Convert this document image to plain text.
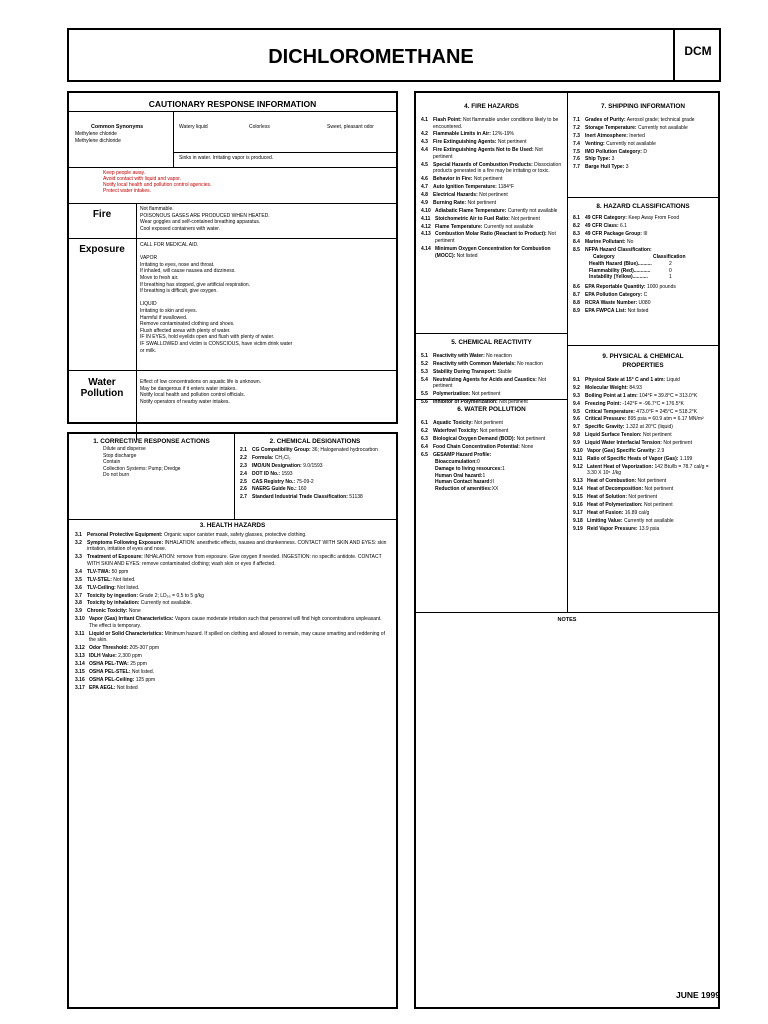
DICHLOROMETHANE	DCM
CAUTIONARY RESPONSE INFORMATION
Common Synonyms
Methylene chloride
Methylene dichloride
Watery liquid	Colorless	Sweet, pleasant odor
Sinks in water. Irritating vapor is produced.
Keep people away.
Avoid contact with liquid and vapor.
Notify local health and pollution control agencies.
Protect water intakes.
Fire	Not flammable.
POISONOUS GASES ARE PRODUCED WHEN HEATED.
Wear goggles and self-contained breathing apparatus.
Cool exposed containers with water.
Exposure	CALL FOR MEDICAL AID.
VAPOR
Irritating to eyes, nose and throat.
If inhaled, will cause nausea and dizziness.
Move to fresh air.
If breathing has stopped, give artificial respiration.
If breathing is difficult, give oxygen.
LIQUID
Irritating to skin and eyes.
Harmful if swallowed.
Remove contaminated clothing and shoes.
Flush affected areas with plenty of water.
IF IN EYES, hold eyelids open and flush with plenty of water.
IF SWALLOWED and victim is CONSCIOUS, have victim drink water
or milk.
Water Pollution
Effect of low concentrations on aquatic life is unknown.
May be dangerous if it enters water intakes.
Notify local health and pollution control officials.
Notify operators of nearby water intakes.
1. CORRECTIVE RESPONSE ACTIONS
Dilute and disperse
Stop discharge
Contain
Collection Systems: Pump; Dredge
Do not burn
2. CHEMICAL DESIGNATIONS
2.1	CG Compatibility Group: 36; Halogenated hydrocarbon
2.2	Formula: CH₂Cl₂
2.3	IMO/UN Designation: 9.0/1593
2.4	DOT ID No.: 1593
2.5	CAS Registry No.: 75-09-2
2.6	NAERG Guide No.: 160
2.7	Standard Industrial Trade Classification: 51138
3. HEALTH HAZARDS
3.1	Personal Protective Equipment: Organic vapor canister mask, safety glasses, protective clothing.
3.2	Symptoms Following Exposure: INHALATION: anesthetic effects, nausea and drunkenness. CONTACT WITH SKIN AND EYES: skin irritation, irritation of eyes and nose.
3.3	Treatment of Exposure: INHALATION: remove from exposure. Give oxygen if needed. INGESTION: no specific antidote. CONTACT WITH SKIN AND EYES: remove contaminated clothing; wash skin or eyes if affected.
3.4	TLV-TWA: 50 ppm
3.5	TLV-STEL: Not listed.
3.6	TLV-Ceiling: Not listed.
3.7	Toxicity by ingestion: Grade 2; LD₅₀ = 0.5 to 5 g/kg
3.8	Toxicity by inhalation: Currently not available.
3.9	Chronic Toxicity: None
3.10 Vapor (Gas) Irritant Characteristics: Vapors cause moderate irritation such that personnel will find high concentrations unpleasant. The effect is temporary.
3.11 Liquid or Solid Characteristics: Minimum hazard. If spilled on clothing and allowed to remain, may cause smarting and reddening of the skin.
3.12 Odor Threshold: 205-307 ppm
3.13 IDLH Value: 2,300 ppm
3.14 OSHA PEL-TWA: 25 ppm
3.15 OSHA PEL-STEL: Not listed.
3.16 OSHA PEL-Ceiling: 125 ppm
3.17 EPA AEGL: Not listed
4. FIRE HAZARDS
4.1	Flash Point: Not flammable under conditions likely to be encountered.
4.2	Flammable Limits in Air: 12%-19%
4.3	Fire Extinguishing Agents: Not pertinent
4.4	Fire Extinguishing Agents Not to Be Used: Not pertinent
4.5	Special Hazards of Combustion Products: Dissociation products generated in a fire may be irritating or toxic.
4.6	Behavior in Fire: Not pertinent
4.7	Auto Ignition Temperature: 1184°F
4.8	Electrical Hazards: Not pertinent
4.9	Burning Rate: Not pertinent
4.10 Adiabatic Flame Temperature: Currently not available
4.11 Stoichometric Air to Fuel Ratio: Not pertinent
4.12 Flame Temperature: Currently not available
4.13 Combustion Molar Ratio (Reactant to Product): Not pertinent
4.14 Minimum Oxygen Concentration for Combustion (MOCC): Not listed
5. CHEMICAL REACTIVITY
5.1	Reactivity with Water: No reaction
5.2	Reactivity with Common Materials: No reaction
5.3	Stability During Transport: Stable
5.4	Neutralizing Agents for Acids and Caustics: Not pertinent
5.5	Polymerization: Not pertinent
5.6	Inhibitor of Polymerization: Not pertinent
6. WATER POLLUTION
6.1	Aquatic Toxicity: Not pertinent
6.2	Waterfowl Toxicity: Not pertinent
6.3	Biological Oxygen Demand (BOD): Not pertinent
6.4	Food Chain Concentration Potential: None
6.5	GESAMP Hazard Profile:
Bioaccumulation: 0
Damage to living resources: 1
Human Oral hazard: 1
Human Contact hazard: II
Reduction of amenities: XX
7. SHIPPING INFORMATION
7.1	Grades of Purity: Aerosol grade; technical grade
7.2	Storage Temperature: Currently not available
7.3	Inert Atmosphere: Inerted
7.4	Venting: Currently not available
7.5	IMO Pollution Category: D
7.6	Ship Type: 3
7.7	Barge Hull Type: 3
8. HAZARD CLASSIFICATIONS
8.1	49 CFR Category: Keep Away From Food
8.2	49 CFR Class: 6.1
8.3	49 CFR Package Group: III
8.4	Marine Pollutant: No
8.5	NFPA Hazard Classification:
Category	Classification
Health Hazard (Blue)..........	2
Flammability (Red)............	0
Instability (Yellow)...........	1
8.6	EPA Reportable Quantity: 1000 pounds
8.7	EPA Pollution Category: C
8.8	RCRA Waste Number: U080
8.9	EPA FWPCA List: Not listed
9. PHYSICAL & CHEMICAL PROPERTIES
9.1	Physical State at 15° C and 1 atm: Liquid
9.2	Molecular Weight: 84.93
9.3	Boiling Point at 1 atm: 104°F = 39.8°C = 313.0°K
9.4	Freezing Point: -142°F = -96.7°C = 176.5°K
9.5	Critical Temperature: 473.0°F = 245°C = 518.2°K
9.6	Critical Pressure: 895 psia = 60.9 atm = 6.17 MN/m²
9.7	Specific Gravity: 1.322 at 20°C (liquid)
9.8	Liquid Surface Tension: Not pertinent
9.9	Liquid Water Interfacial Tension: Not pertinent
9.10 Vapor (Gas) Specific Gravity: 2.9
9.11 Ratio of Specific Heats of Vapor (Gas): 1.199
9.12 Latent Heat of Vaporization: 142 Btu/lb = 78.7 cal/g = 3.30 X 10⁵ J/kg
9.13 Heat of Combustion: Not pertinent
9.14 Heat of Decomposition: Not pertinent
9.15 Heat of Solution: Not pertinent
9.16 Heat of Polymerization: Not pertinent
9.17 Heat of Fusion: 16.89 cal/g
9.18 Limiting Value: Currently not available
9.19 Reid Vapor Pressure: 13.9 psia
NOTES
JUNE 1999
